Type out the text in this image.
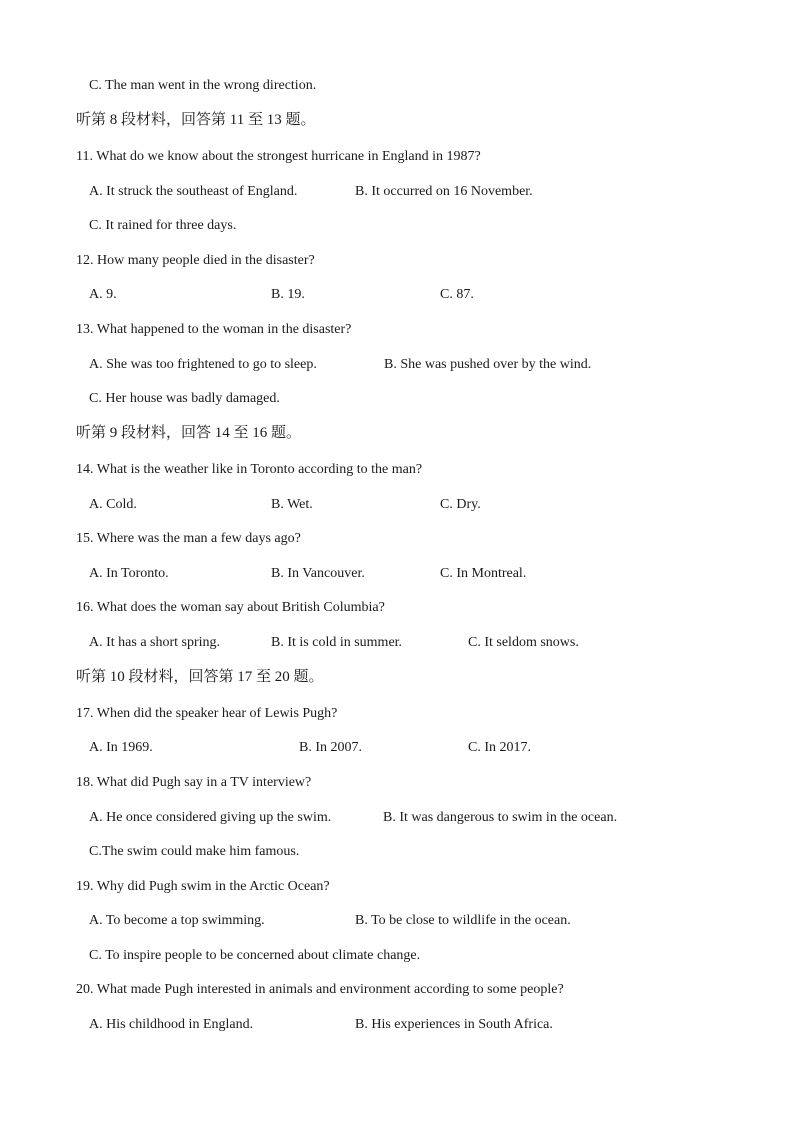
C. The man went in the wrong direction.
听第 8 段材料，回答第 11 至 13 题。
11. What do we know about the strongest hurricane in England in 1987?
A. It struck the southeast of England.	B. It occurred on 16 November.
C. It rained for three days.
12. How many people died in the disaster?
A. 9.	B. 19.	C. 87.
13. What happened to the woman in the disaster?
A. She was too frightened to go to sleep.	B. She was pushed over by the wind.
C. Her house was badly damaged.
听第 9 段材料，回答 14 至 16 题。
14. What is the weather like in Toronto according to the man?
A. Cold.	B. Wet.	C. Dry.
15. Where was the man a few days ago?
A. In Toronto.	B. In Vancouver.	C. In Montreal.
16. What does the woman say about British Columbia?
A. It has a short spring.	B. It is cold in summer.	C. It seldom snows.
听第 10 段材料，回答第 17 至 20 题。
17. When did the speaker hear of Lewis Pugh?
A. In 1969.	B. In 2007.	C. In 2017.
18. What did Pugh say in a TV interview?
A. He once considered giving up the swim.	B. It was dangerous to swim in the ocean.
C.The swim could make him famous.
19. Why did Pugh swim in the Arctic Ocean?
A. To become a top swimming.	B. To be close to wildlife in the ocean.
C. To inspire people to be concerned about climate change.
20. What made Pugh interested in animals and environment according to some people?
A. His childhood in England.	B. His experiences in South Africa.
